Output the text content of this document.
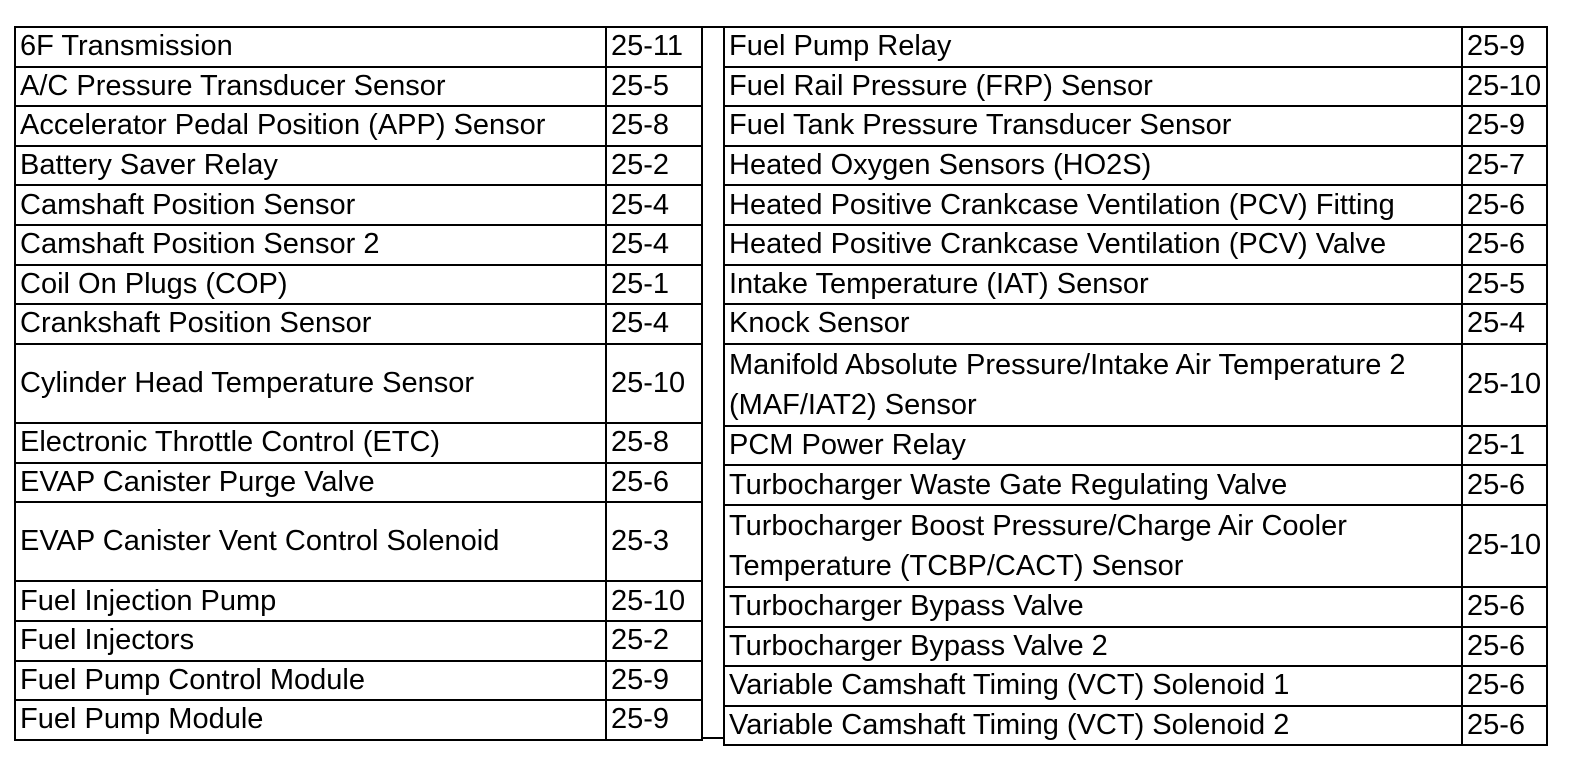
6F Transmission	25-11
A/C Pressure Transducer Sensor	25-5
Accelerator Pedal Position (APP) Sensor	25-8
Battery Saver Relay	25-2
Camshaft Position Sensor	25-4
Camshaft Position Sensor 2	25-4
Coil On Plugs (COP)	25-1
Crankshaft Position Sensor	25-4
Cylinder Head Temperature Sensor	25-10
Electronic Throttle Control (ETC)	25-8
EVAP Canister Purge Valve	25-6
EVAP Canister Vent Control Solenoid	25-3
Fuel Injection Pump	25-10
Fuel Injectors	25-2
Fuel Pump Control Module	25-9
Fuel Pump Module	25-9
Fuel Pump Relay	25-9
Fuel Rail Pressure (FRP) Sensor	25-10
Fuel Tank Pressure Transducer Sensor	25-9
Heated Oxygen Sensors (HO2S)	25-7
Heated Positive Crankcase Ventilation (PCV) Fitting	25-6
Heated Positive Crankcase Ventilation (PCV) Valve	25-6
Intake Temperature (IAT) Sensor	25-5
Knock Sensor	25-4
Manifold Absolute Pressure/Intake Air Temperature 2 (MAF/IAT2) Sensor	25-10
PCM Power Relay	25-1
Turbocharger Waste Gate Regulating Valve	25-6
Turbocharger Boost Pressure/Charge Air Cooler Temperature (TCBP/CACT) Sensor	25-10
Turbocharger Bypass Valve	25-6
Turbocharger Bypass Valve 2	25-6
Variable Camshaft Timing (VCT) Solenoid 1	25-6
Variable Camshaft Timing (VCT) Solenoid 2	25-6
